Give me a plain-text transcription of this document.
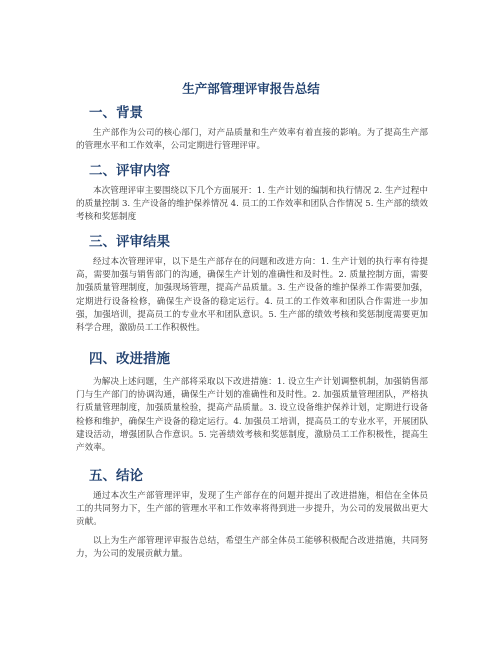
生产部管理评审报告总结
一、背景

生产部作为公司的核心部门，对产品质量和生产效率有着直接的影响。为了提高生产部的管理水平和工作效率，公司定期进行管理评审。

二、评审内容

本次管理评审主要围绕以下几个方面展开：1. 生产计划的编制和执行情况 2. 生产过程中的质量控制 3. 生产设备的维护保养情况 4. 员工的工作效率和团队合作情况 5. 生产部的绩效考核和奖惩制度

三、评审结果

经过本次管理评审，以下是生产部存在的问题和改进方向：1. 生产计划的执行率有待提高，需要加强与销售部门的沟通，确保生产计划的准确性和及时性。2. 质量控制方面，需要加强质量管理制度，加强现场管理，提高产品质量。3. 生产设备的维护保养工作需要加强，定期进行设备检修，确保生产设备的稳定运行。4. 员工的工作效率和团队合作需进一步加强，加强培训，提高员工的专业水平和团队意识。5. 生产部的绩效考核和奖惩制度需要更加科学合理，激励员工工作积极性。

四、改进措施

为解决上述问题，生产部将采取以下改进措施：1. 设立生产计划调整机制，加强销售部门与生产部门的协调沟通，确保生产计划的准确性和及时性。2. 加强质量管理团队，严格执行质量管理制度，加强质量检验，提高产品质量。3. 设立设备维护保养计划，定期进行设备检修和维护，确保生产设备的稳定运行。4. 加强员工培训，提高员工的专业水平，开展团队建设活动，增强团队合作意识。5. 完善绩效考核和奖惩制度，激励员工工作积极性，提高生产效率。

五、结论

通过本次生产部管理评审，发现了生产部存在的问题并提出了改进措施，相信在全体员工的共同努力下，生产部的管理水平和工作效率将得到进一步提升，为公司的发展做出更大贡献。

以上为生产部管理评审报告总结，希望生产部全体员工能够积极配合改进措施，共同努力，为公司的发展贡献力量。
